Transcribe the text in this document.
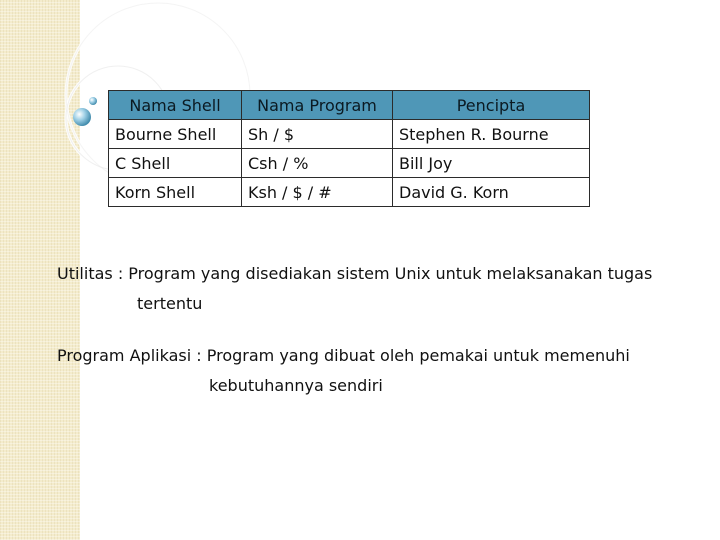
Nama Shell	Nama Program	Pencipta
Bourne Shell	Sh / $	Stephen R. Bourne
C Shell	Csh / %	Bill Joy
Korn Shell	Ksh / $ / #	David G. Korn

Utilitas : Program yang disediakan sistem Unix untuk melaksanakan tugas
tertentu

Program Aplikasi : Program yang dibuat oleh pemakai untuk memenuhi
kebutuhannya sendiri
